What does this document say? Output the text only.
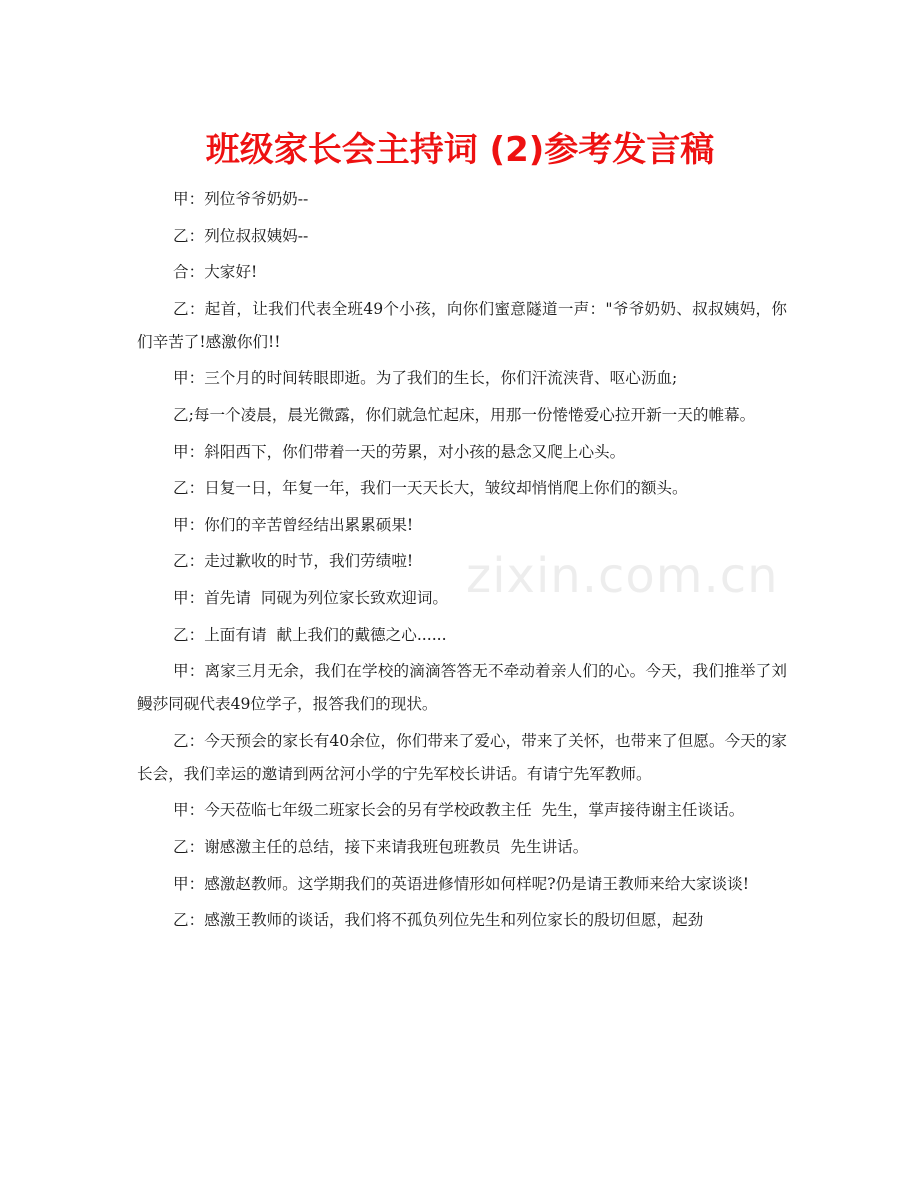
zixin.com.cn
班级家长会主持词 (2)参考发言稿

甲：列位爷爷奶奶--

乙：列位叔叔姨妈--

合：大家好!

乙：起首，让我们代表全班49个小孩，向你们蜜意隧道一声："爷爷奶奶、叔叔姨妈，你们辛苦了!感激你们!!

甲：三个月的时间转眼即逝。为了我们的生长，你们汗流浃背、呕心沥血;

乙;每一个凌晨，晨光微露，你们就急忙起床，用那一份惓惓爱心拉开新一天的帷幕。

甲：斜阳西下，你们带着一天的劳累，对小孩的悬念又爬上心头。

乙：日复一日，年复一年，我们一天天长大，皱纹却悄悄爬上你们的额头。

甲：你们的辛苦曾经结出累累硕果!

乙：走过歉收的时节，我们劳绩啦!

甲：首先请  同砚为列位家长致欢迎词。

乙：上面有请  献上我们的戴德之心......

甲：离家三月无余，我们在学校的滴滴答答无不牵动着亲人们的心。今天，我们推举了刘鳗莎同砚代表49位学子，报答我们的现状。

乙：今天预会的家长有40余位，你们带来了爱心，带来了关怀，也带来了但愿。今天的家长会，我们幸运的邀请到两岔河小学的宁先军校长讲话。有请宁先军教师。

甲：今天莅临七年级二班家长会的另有学校政教主任  先生，掌声接待谢主任谈话。

乙：谢感激主任的总结，接下来请我班包班教员  先生讲话。

甲：感激赵教师。这学期我们的英语进修情形如何样呢?仍是请王教师来给大家谈谈!

乙：感激王教师的谈话，我们将不孤负列位先生和列位家长的殷切但愿，起劲
